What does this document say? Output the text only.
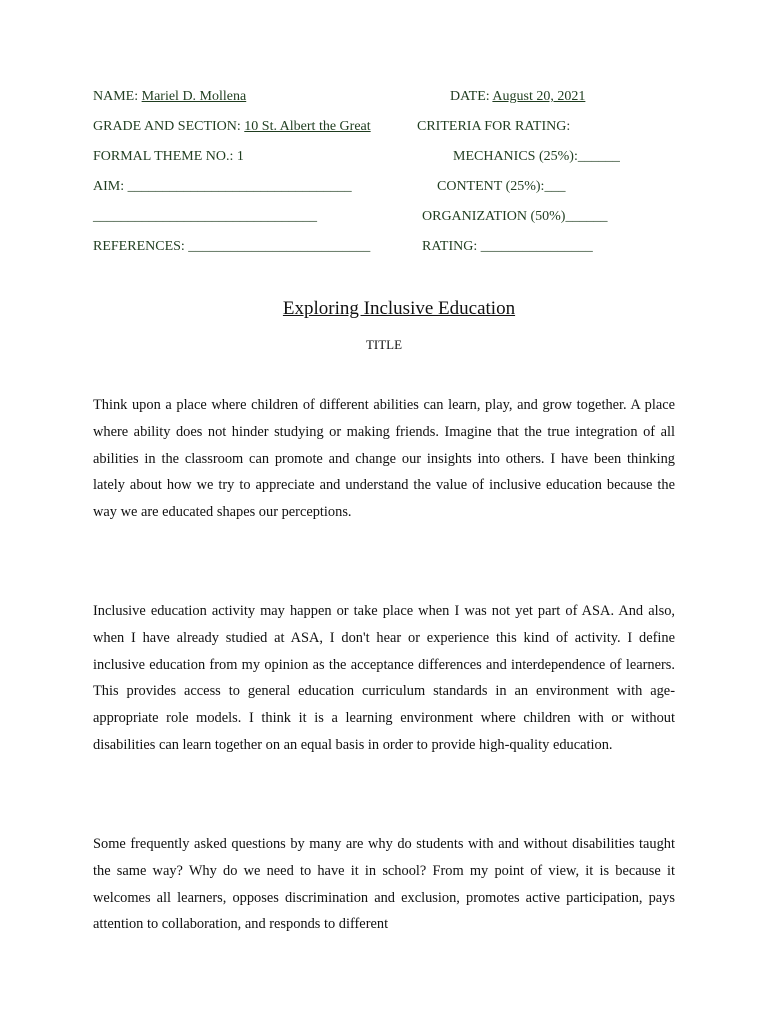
NAME: Mariel D. Mollena	DATE: August 20, 2021
GRADE AND SECTION: 10 St. Albert the Great	CRITERIA FOR RATING:
FORMAL THEME NO.: 1	MECHANICS (25%):______
AIM: ________________________________	CONTENT (25%):___
________________________________	ORGANIZATION (50%)______
REFERENCES: __________________________	RATING: ________________
Exploring Inclusive Education
TITLE

Think upon a place where children of different abilities can learn, play, and grow together. A place where ability does not hinder studying or making friends. Imagine that the true integration of all abilities in the classroom can promote and change our insights into others. I have been thinking lately about how we try to appreciate and understand the value of inclusive education because the way we are educated shapes our perceptions.

Inclusive education activity may happen or take place when I was not yet part of ASA. And also, when I have already studied at ASA, I don't hear or experience this kind of activity. I define inclusive education from my opinion as the acceptance differences and interdependence of learners. This provides access to general education curriculum standards in an environment with age-appropriate role models. I think it is a learning environment where children with or without disabilities can learn together on an equal basis in order to provide high-quality education.

Some frequently asked questions by many are why do students with and without disabilities taught the same way? Why do we need to have it in school? From my point of view, it is because it welcomes all learners, opposes discrimination and exclusion, promotes active participation, pays attention to collaboration, and responds to different
